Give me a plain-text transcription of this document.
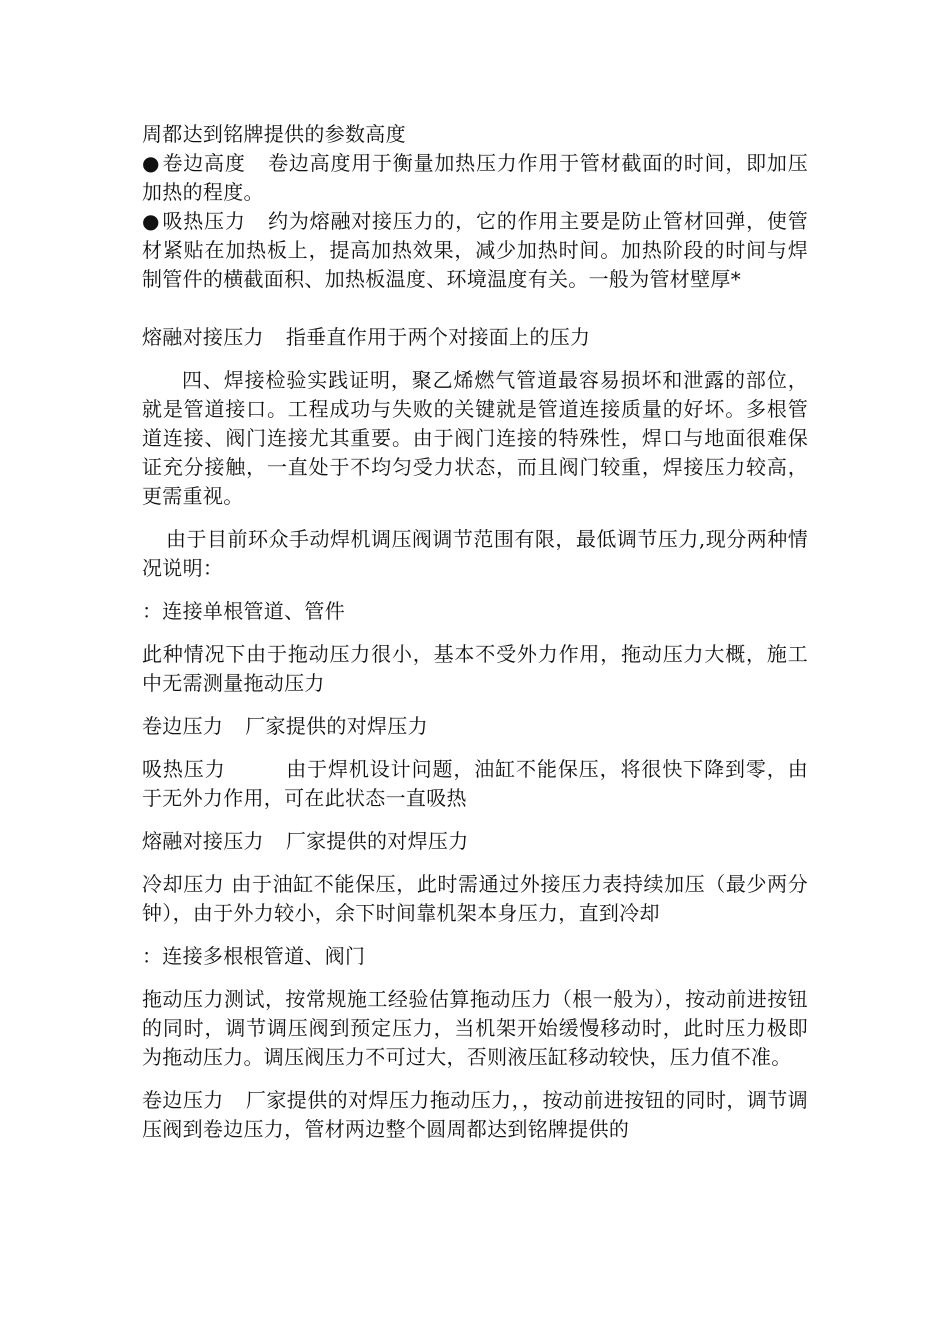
周都达到铭牌提供的参数高度

● 卷边高度 卷边高度用于衡量加热压力作用于管材截面的时间，即加压加热的程度。

● 吸热压力 约为熔融对接压力的，它的作用主要是防止管材回弹，使管材紧贴在加热板上，提高加热效果，减少加热时间。加热阶段的时间与焊制管件的横截面积、加热板温度、环境温度有关。一般为管材壁厚*

熔融对接压力 指垂直作用于两个对接面上的压力

四、焊接检验实践证明，聚乙烯燃气管道最容易损坏和泄露的部位，就是管道接口。工程成功与失败的关键就是管道连接质量的好坏。多根管道连接、阀门连接尤其重要。由于阀门连接的特殊性，焊口与地面很难保证充分接触，一直处于不均匀受力状态，而且阀门较重，焊接压力较高，更需重视。

由于目前环众手动焊机调压阀调节范围有限，最低调节压力,现分两种情况说明：

：连接单根管道、管件

此种情况下由于拖动压力很小，基本不受外力作用，拖动压力大概，施工中无需测量拖动压力

卷边压力 厂家提供的对焊压力

吸热压力	由于焊机设计问题，油缸不能保压，将很快下降到零，由于无外力作用，可在此状态一直吸热

熔融对接压力 厂家提供的对焊压力

冷却压力 由于油缸不能保压，此时需通过外接压力表持续加压（最少两分钟），由于外力较小，余下时间靠机架本身压力，直到冷却

：连接多根根管道、阀门

拖动压力测试，按常规施工经验估算拖动压力（根一般为），按动前进按钮的同时，调节调压阀到预定压力，当机架开始缓慢移动时，此时压力极即为拖动压力。调压阀压力不可过大，否则液压缸移动较快，压力值不准。

卷边压力 厂家提供的对焊压力拖动压力，，按动前进按钮的同时，调节调压阀到卷边压力，管材两边整个圆周都达到铭牌提供的
